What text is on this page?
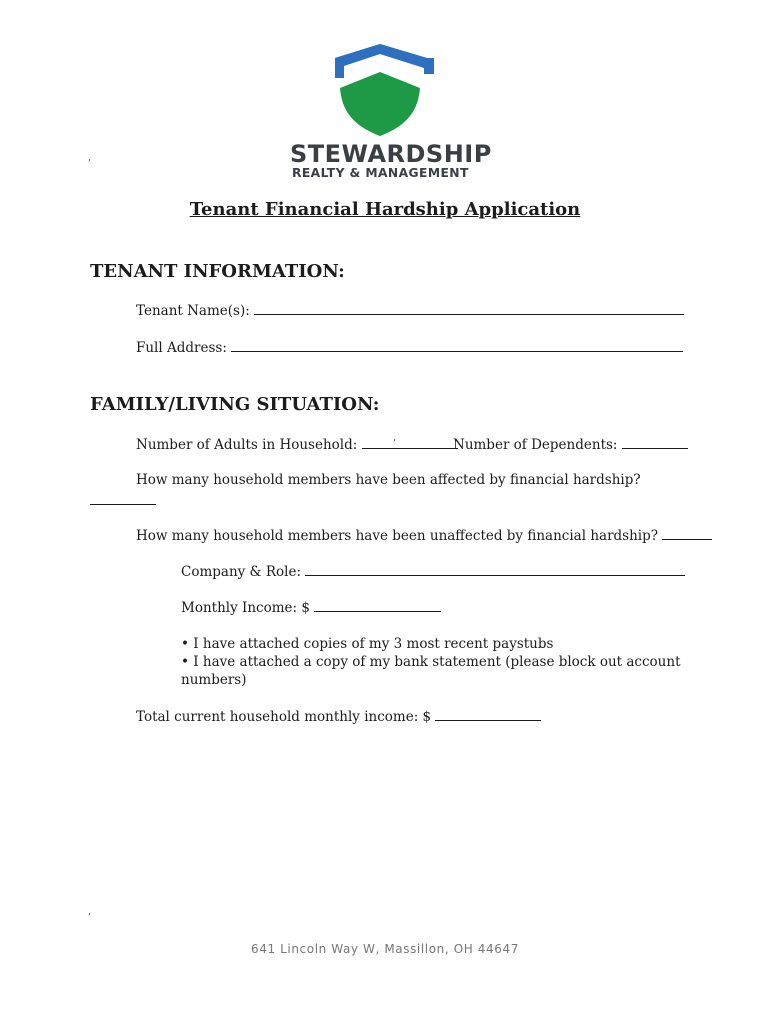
STEWARDSHIP
REALTY & MANAGEMENT
,
Tenant Financial Hardship Application
TENANT INFORMATION:
Tenant Name(s):
Full Address:
FAMILY/LIVING SITUATION:
Number of Adults in Household:	,	Number of Dependents:
How many household members have been affected by financial hardship?
How many household members have been unaffected by financial hardship?
Company & Role:
Monthly Income: $
• I have attached copies of my 3 most recent paystubs
• I have attached a copy of my bank statement (please block out account
numbers)
Total current household monthly income: $
,
641 Lincoln Way W, Massillon, OH 44647
